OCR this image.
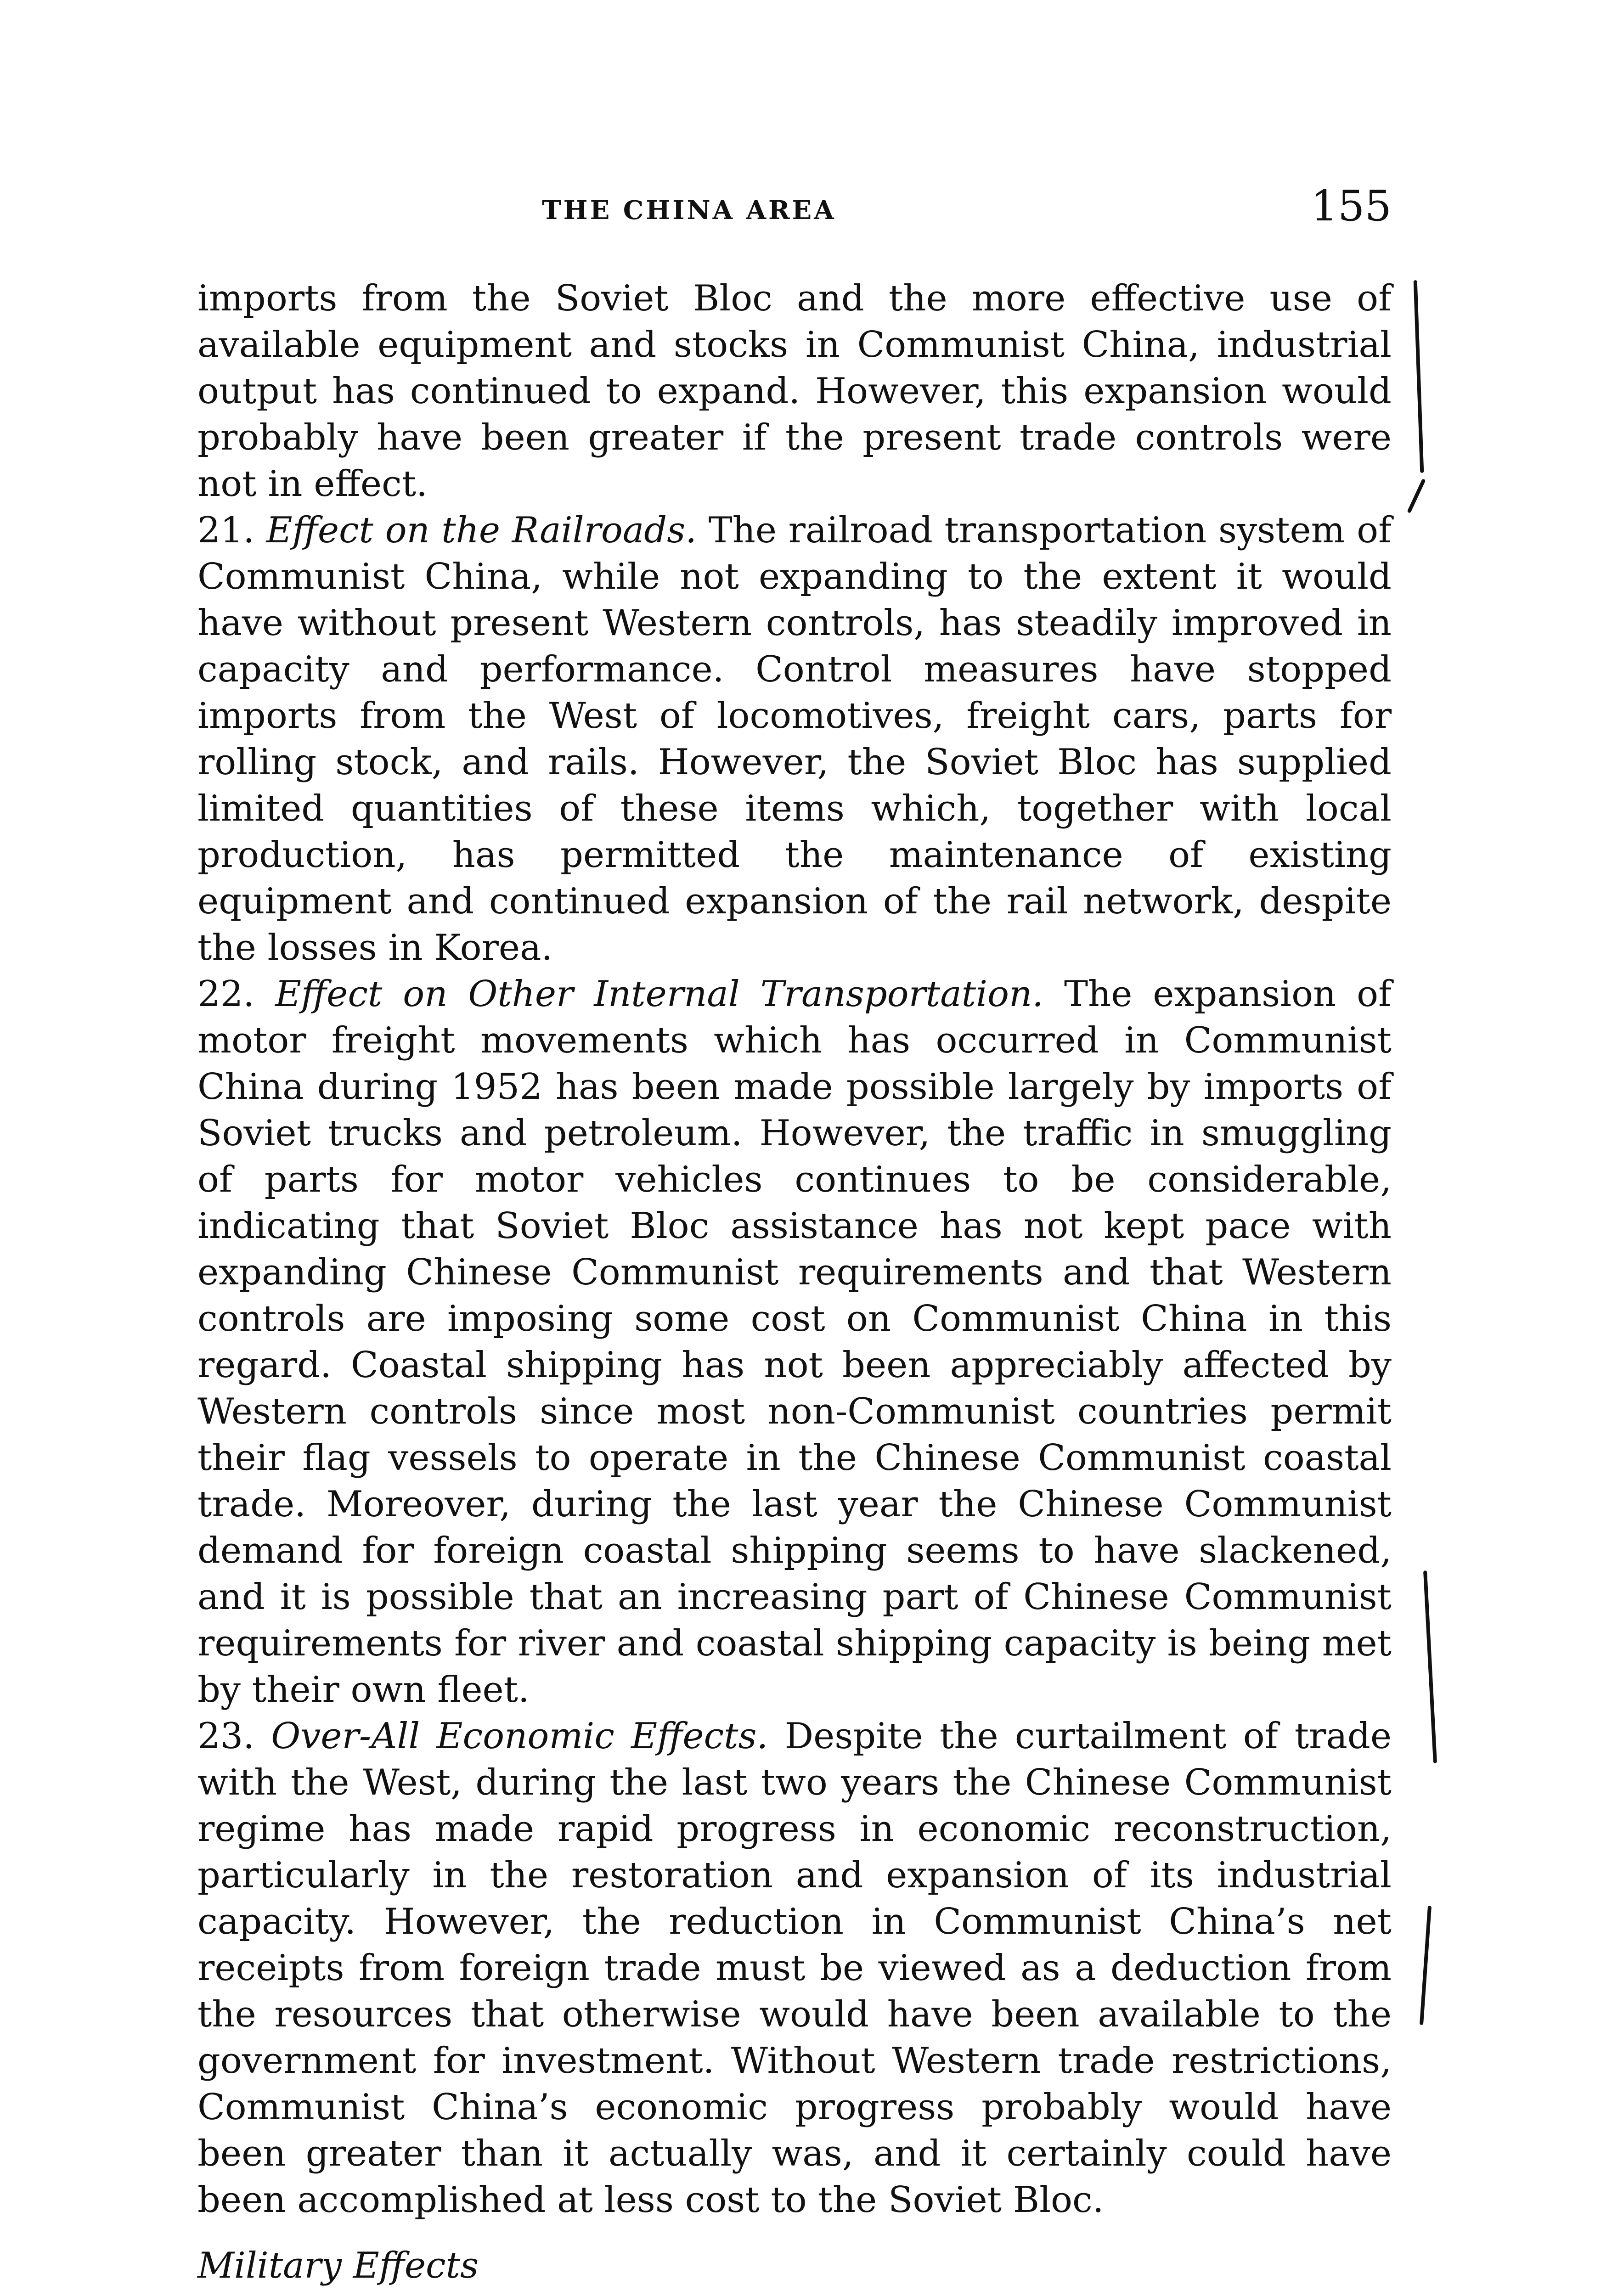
THE CHINA AREA	155

imports from the Soviet Bloc and the more effective use of available equipment and stocks in Communist China, industrial output has continued to expand. However, this expansion would probably have been greater if the present trade controls were not in effect.

21. Effect on the Railroads. The railroad transportation system of Communist China, while not expanding to the extent it would have without present Western controls, has steadily improved in capacity and performance. Control measures have stopped imports from the West of locomotives, freight cars, parts for rolling stock, and rails. However, the Soviet Bloc has supplied limited quantities of these items which, together with local production, has permitted the maintenance of existing equipment and continued expansion of the rail network, despite the losses in Korea.

22. Effect on Other Internal Transportation. The expansion of motor freight movements which has occurred in Communist China during 1952 has been made possible largely by imports of Soviet trucks and petroleum. However, the traffic in smuggling of parts for motor vehicles continues to be considerable, indicating that Soviet Bloc assistance has not kept pace with expanding Chinese Communist requirements and that Western controls are imposing some cost on Communist China in this regard. Coastal shipping has not been appreciably affected by Western controls since most non-Communist countries permit their flag vessels to operate in the Chinese Communist coastal trade. Moreover, during the last year the Chinese Communist demand for foreign coastal shipping seems to have slackened, and it is possible that an increasing part of Chinese Communist requirements for river and coastal shipping capacity is being met by their own fleet.

23. Over-All Economic Effects. Despite the curtailment of trade with the West, during the last two years the Chinese Communist regime has made rapid progress in economic reconstruction, particularly in the restoration and expansion of its industrial capacity. However, the reduction in Communist China’s net receipts from foreign trade must be viewed as a deduction from the resources that otherwise would have been available to the government for investment. Without Western trade restrictions, Communist China’s economic progress probably would have been greater than it actually was, and it certainly could have been accomplished at less cost to the Soviet Bloc.

Military Effects
